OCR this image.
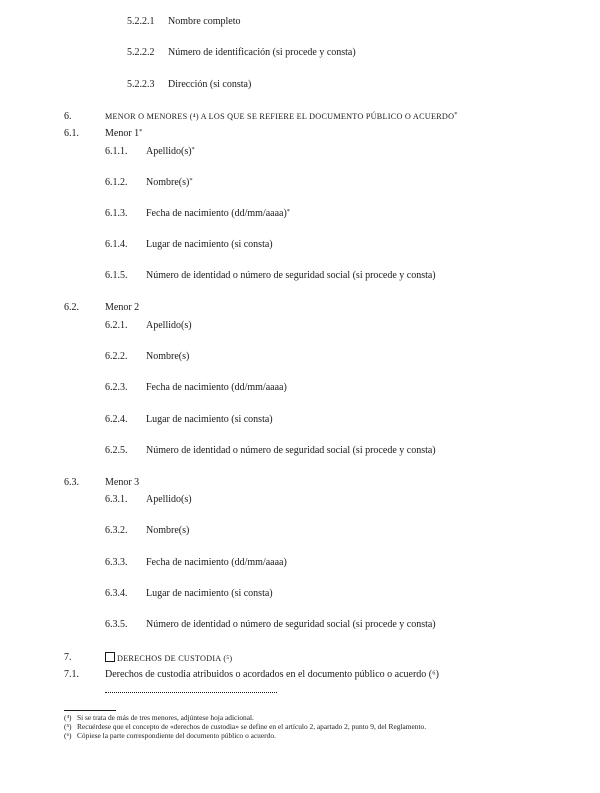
5.2.2.1 Nombre completo
5.2.2.2 Número de identificación (si procede y consta)
5.2.2.3 Dirección (si consta)
6.	MENOR O MENORES (⁴) A LOS QUE SE REFIERE EL DOCUMENTO PÚBLICO O ACUERDO*
6.1.	Menor 1*
6.1.1. Apellido(s)*
6.1.2. Nombre(s)*
6.1.3. Fecha de nacimiento (dd/mm/aaaa)*
6.1.4. Lugar de nacimiento (si consta)
6.1.5. Número de identidad o número de seguridad social (si procede y consta)
6.2.	Menor 2
6.2.1. Apellido(s)
6.2.2. Nombre(s)
6.2.3. Fecha de nacimiento (dd/mm/aaaa)
6.2.4. Lugar de nacimiento (si consta)
6.2.5. Número de identidad o número de seguridad social (si procede y consta)
6.3.	Menor 3
6.3.1. Apellido(s)
6.3.2. Nombre(s)
6.3.3. Fecha de nacimiento (dd/mm/aaaa)
6.3.4. Lugar de nacimiento (si consta)
6.3.5. Número de identidad o número de seguridad social (si procede y consta)
7.	DERECHOS DE CUSTODIA (⁵)
7.1.	Derechos de custodia atribuidos o acordados en el documento público o acuerdo (⁶)
(⁴) Si se trata de más de tres menores, adjúntese hoja adicional.
(⁵) Recuérdese que el concepto de «derechos de custodia» se define en el artículo 2, apartado 2, punto 9, del Reglamento.
(⁶) Cópiese la parte correspondiente del documento público o acuerdo.
